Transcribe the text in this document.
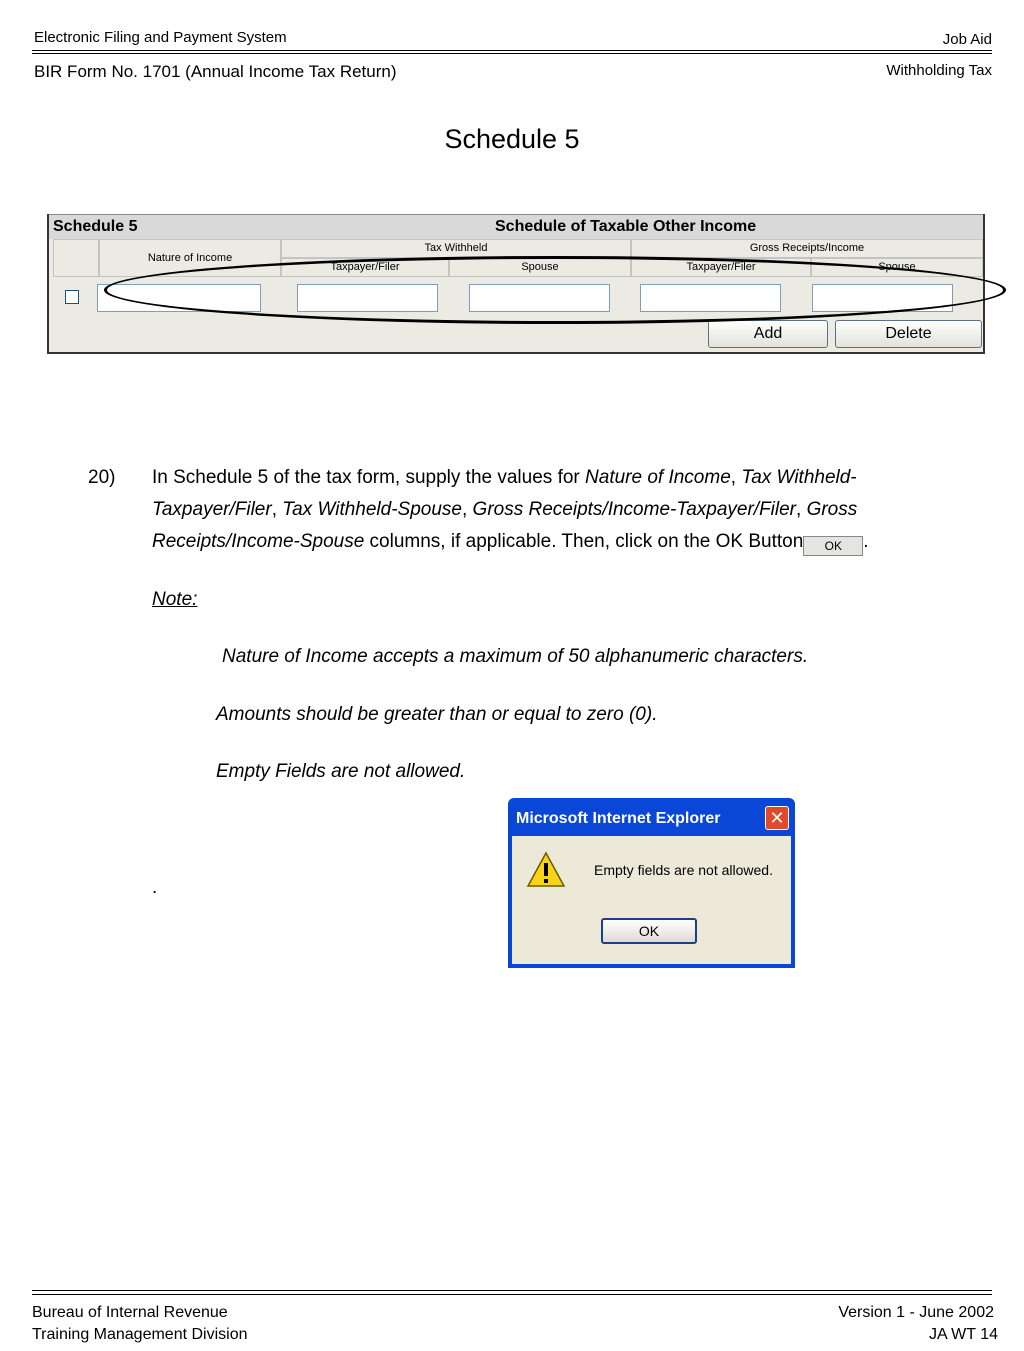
Electronic Filing and Payment System	Job Aid
BIR Form No. 1701 (Annual Income Tax Return)	Withholding Tax
Schedule 5
Schedule 5	Schedule of Taxable Other Income
Nature of Income
Tax Withheld	Gross Receipts/Income
Taxpayer/Filer	Spouse	Taxpayer/Filer	Spouse
Add	Delete
20) In Schedule 5 of the tax form, supply the values for Nature of Income, Tax Withheld-Taxpayer/Filer, Tax Withheld-Spouse, Gross Receipts/Income-Taxpayer/Filer, Gross Receipts/Income-Spouse columns, if applicable. Then, click on the OK Button OK .
Note:
Nature of Income accepts a maximum of 50 alphanumeric characters.
Amounts should be greater than or equal to zero (0).
Empty Fields are not allowed.
.
Microsoft Internet Explorer	✕
Empty fields are not allowed.
OK
Bureau of Internal Revenue
Training Management Division
Version 1 - June 2002
JA WT 14
